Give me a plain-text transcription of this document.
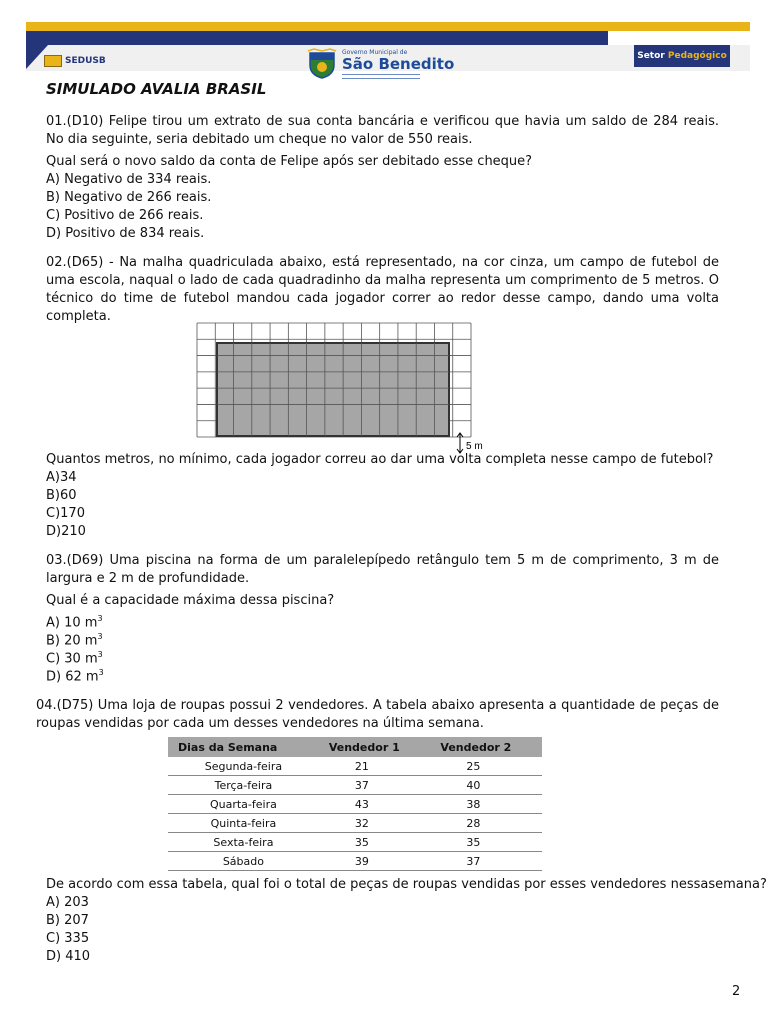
SEDUSB
Governo Municipal de
São Benedito	Setor Pedagógico
SIMULADO AVALIA BRASIL

01.(D10) Felipe tirou um extrato de sua conta bancária e verificou que havia um saldo de 284 reais. No dia seguinte, seria debitado um cheque no valor de 550 reais.

Qual será o novo saldo da conta de Felipe após ser debitado esse cheque?
A) Negativo de 334 reais.
B) Negativo de 266 reais.
C) Positivo de 266 reais.
D) Positivo de 834 reais.

02.(D65) - Na malha quadriculada abaixo, está representado, na cor cinza, um campo de futebol de uma escola, naqual o lado de cada quadradinho da malha representa um comprimento de 5 metros. O técnico do time de futebol mandou cada jogador correr ao redor desse campo, dando uma volta completa.

5 m
Quantos metros, no mínimo, cada jogador correu ao dar uma volta completa nesse campo de futebol?
A)34
B)60
C)170
D)210

03.(D69) Uma piscina na forma de um paralelepípedo retângulo tem 5 m de comprimento, 3 m de largura e 2 m de profundidade.

Qual é a capacidade máxima dessa piscina?
A) 10 $m^3$
B) 20 $m^3$
C) 30 $m^3$
D) 62 $m^3$

04.(D75) Uma loja de roupas possui 2 vendedores. A tabela abaixo apresenta a quantidade de peças de roupas vendidas por cada um desses vendedores na última semana.

Dias da Semana	Vendedor 1	Vendedor 2
Segunda-feira	21	25
Terça-feira	37	40
Quarta-feira	43	38
Quinta-feira	32	28
Sexta-feira	35	35
Sábado	39	37
De acordo com essa tabela, qual foi o total de peças de roupas vendidas por esses vendedores nessasemana?
A) 203
B) 207
C) 335
D) 410
2
